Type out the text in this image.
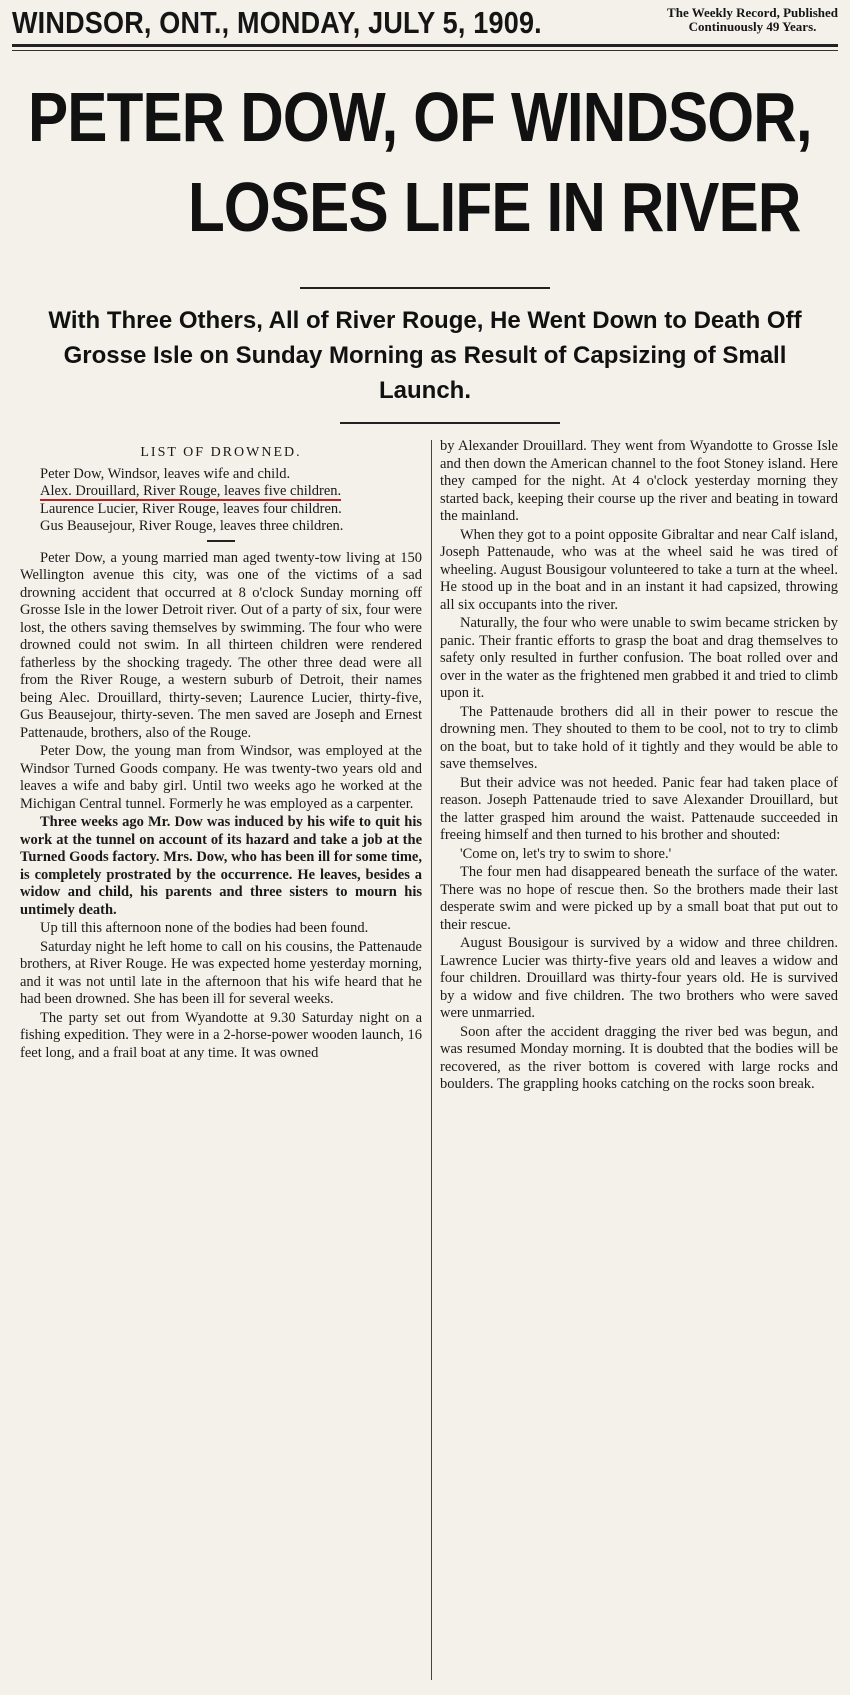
WINDSOR, ONT., MONDAY, JULY 5, 1909.	The Weekly Record, Published
Continuously 49 Years.
PETER DOW, OF WINDSOR,
LOSES LIFE IN RIVER
With Three Others, All of River Rouge, He Went Down to Death Off Grosse Isle on Sunday Morning as Result of Capsizing of Small Launch.
LIST OF DROWNED.
Peter Dow, Windsor, leaves wife and child.
Alex. Drouillard, River Rouge, leaves five children.
Laurence Lucier, River Rouge, leaves four children.
Gus Beausejour, River Rouge, leaves three children.

Peter Dow, a young married man aged twenty-tow living at 150 Wellington avenue this city, was one of the victims of a sad drowning accident that occurred at 8 o'clock Sunday morning off Grosse Isle in the lower Detroit river. Out of a party of six, four were lost, the others saving themselves by swimming. The four who were drowned could not swim. In all thirteen children were rendered fatherless by the shocking tragedy. The other three dead were all from the River Rouge, a western suburb of Detroit, their names being Alec. Drouillard, thirty-seven; Laurence Lucier, thirty-five, Gus Beausejour, thirty-seven. The men saved are Joseph and Ernest Pattenaude, brothers, also of the Rouge.

Peter Dow, the young man from Windsor, was employed at the Windsor Turned Goods company. He was twenty-two years old and leaves a wife and baby girl. Until two weeks ago he worked at the Michigan Central tunnel. Formerly he was employed as a carpenter.

Three weeks ago Mr. Dow was induced by his wife to quit his work at the tunnel on account of its hazard and take a job at the Turned Goods factory. Mrs. Dow, who has been ill for some time, is completely prostrated by the occurrence. He leaves, besides a widow and child, his parents and three sisters to mourn his untimely death.

Up till this afternoon none of the bodies had been found.

Saturday night he left home to call on his cousins, the Pattenaude brothers, at River Rouge. He was expected home yesterday morning, and it was not until late in the afternoon that his wife heard that he had been drowned. She has been ill for several weeks.

The party set out from Wyandotte at 9.30 Saturday night on a fishing expedition. They were in a 2-horse-power wooden launch, 16 feet long, and a frail boat at any time. It was owned

by Alexander Drouillard. They went from Wyandotte to Grosse Isle and then down the American channel to the foot Stoney island. Here they camped for the night. At 4 o'clock yesterday morning they started back, keeping their course up the river and beating in toward the mainland.

When they got to a point opposite Gibraltar and near Calf island, Joseph Pattenaude, who was at the wheel said he was tired of wheeling. August Bousigour volunteered to take a turn at the wheel. He stood up in the boat and in an instant it had capsized, throwing all six occupants into the river.

Naturally, the four who were unable to swim became stricken by panic. Their frantic efforts to grasp the boat and drag themselves to safety only resulted in further confusion. The boat rolled over and over in the water as the frightened men grabbed it and tried to climb upon it.

The Pattenaude brothers did all in their power to rescue the drowning men. They shouted to them to be cool, not to try to climb on the boat, but to take hold of it tightly and they would be able to save themselves.

But their advice was not heeded. Panic fear had taken place of reason. Joseph Pattenaude tried to save Alexander Drouillard, but the latter grasped him around the waist. Pattenaude succeeded in freeing himself and then turned to his brother and shouted:

'Come on, let's try to swim to shore.'

The four men had disappeared beneath the surface of the water. There was no hope of rescue then. So the brothers made their last desperate swim and were picked up by a small boat that put out to their rescue.

August Bousigour is survived by a widow and three children. Lawrence Lucier was thirty-five years old and leaves a widow and four children. Drouillard was thirty-four years old. He is survived by a widow and five children. The two brothers who were saved were unmarried.

Soon after the accident dragging the river bed was begun, and was resumed Monday morning. It is doubted that the bodies will be recovered, as the river bottom is covered with large rocks and boulders. The grappling hooks catching on the rocks soon break.
